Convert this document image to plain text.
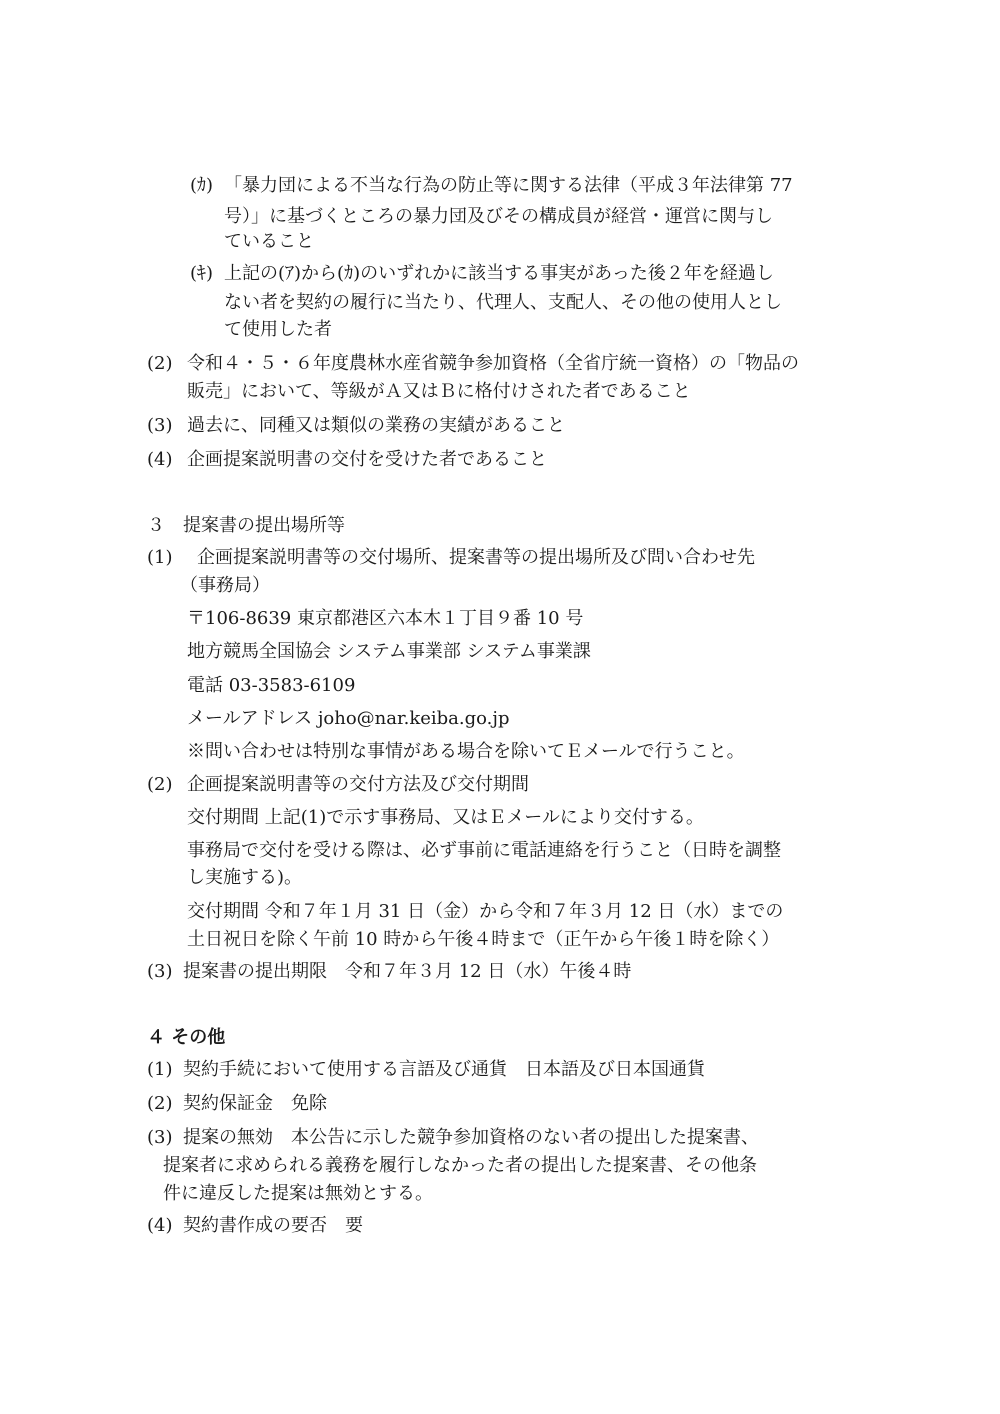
(ｶ) 「暴力団による不当な行為の防止等に関する法律（平成３年法律第 77
号）」に基づくところの暴力団及びその構成員が経営・運営に関与し
ていること
(ｷ) 上記の(ｱ)から(ｶ)のいずれかに該当する事実があった後２年を経過し
ない者を契約の履行に当たり、代理人、支配人、その他の使用人とし
て使用した者
(2) 令和４・５・６年度農林水産省競争参加資格（全省庁統一資格）の「物品の
販売」において、等級がＡ又はＢに格付けされた者であること
(3) 過去に、同種又は類似の業務の実績があること
(4) 企画提案説明書の交付を受けた者であること
３　提案書の提出場所等
(1) 企画提案説明書等の交付場所、提案書等の提出場所及び問い合わせ先
（事務局）
〒106-8639 東京都港区六本木１丁目９番 10 号
地方競馬全国協会 システム事業部 システム事業課
電話 03-3583-6109
メールアドレス joho@nar.keiba.go.jp
※問い合わせは特別な事情がある場合を除いてＥメールで行うこと。
(2) 企画提案説明書等の交付方法及び交付期間
交付期間 上記(1)で示す事務局、又はＥメールにより交付する。
事務局で交付を受ける際は、必ず事前に電話連絡を行うこと（日時を調整
し実施する)。
交付期間 令和７年１月 31 日（金）から令和７年３月 12 日（水）までの
土日祝日を除く午前 10 時から午後４時まで（正午から午後１時を除く）
(3) 提案書の提出期限　令和７年３月 12 日（水）午後４時
４ その他
(1) 契約手続において使用する言語及び通貨　日本語及び日本国通貨
(2) 契約保証金　免除
(3) 提案の無効　本公告に示した競争参加資格のない者の提出した提案書、
提案者に求められる義務を履行しなかった者の提出した提案書、その他条
件に違反した提案は無効とする。
(4) 契約書作成の要否　要
